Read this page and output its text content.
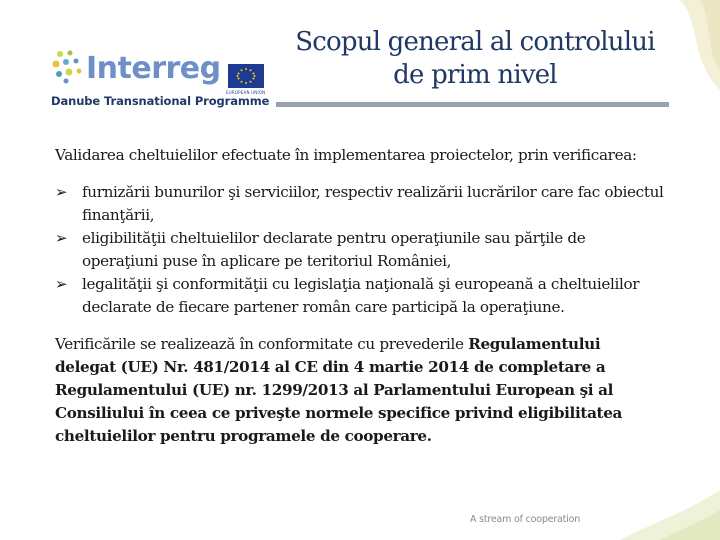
Interreg
EUROPEAN UNION
Danube Transnational Programme
Scopul general al controlului
de prim nivel

Validarea cheltuielilor efectuate în implementarea proiectelor, prin verificarea:

➢ furnizării bunurilor şi serviciilor, respectiv realizării lucrărilor care fac obiectul finanţării,
➢ eligibilităţii cheltuielilor declarate pentru operaţiunile sau părţile de operaţiuni puse în aplicare pe teritoriul României,
➢ legalităţii şi conformităţii cu legislaţia naţională şi europeană a cheltuielilor declarate de fiecare partener român care participă la operaţiune.

Verificările se realizează în conformitate cu prevederile Regulamentului delegat (UE) Nr. 481/2014 al CE din 4 martie 2014 de completare a Regulamentului (UE) nr. 1299/2013 al Parlamentului European şi al Consiliului în ceea ce priveşte normele specifice privind eligibilitatea cheltuielilor pentru programele de cooperare.

A stream of cooperation
